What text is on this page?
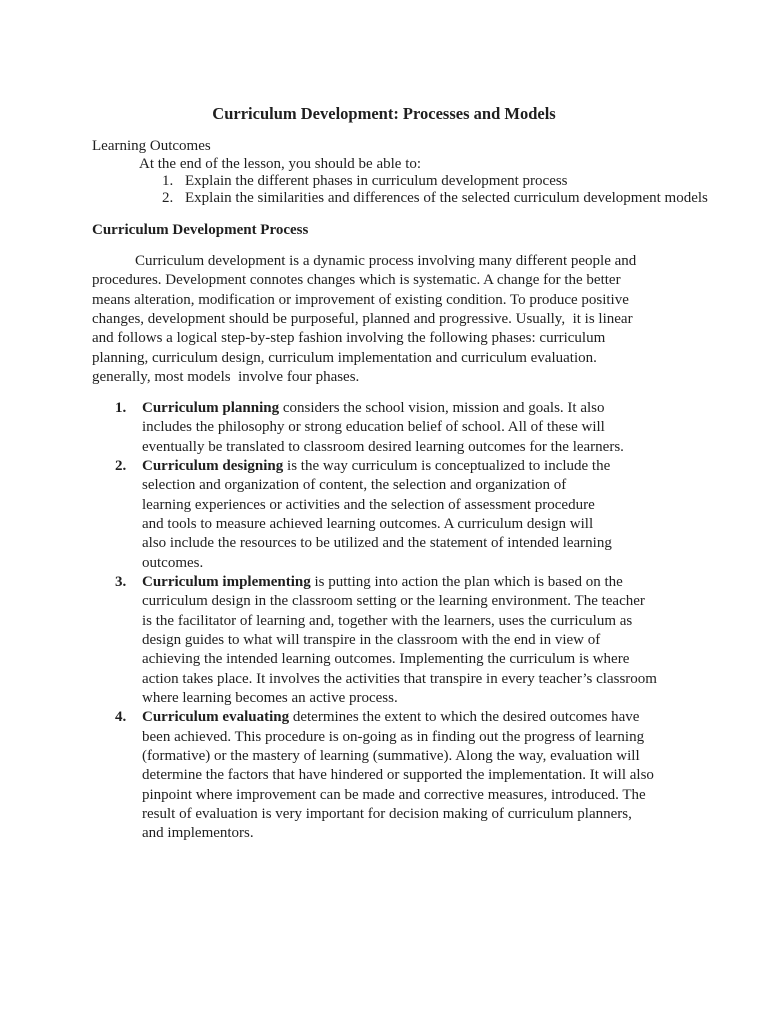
Curriculum Development: Processes and Models
Learning Outcomes
At the end of the lesson, you should be able to:
1. Explain the different phases in curriculum development process
2. Explain the similarities and differences of the selected curriculum development models
Curriculum Development Process
Curriculum development is a dynamic process involving many different people and
procedures. Development connotes changes which is systematic. A change for the better
means alteration, modification or improvement of existing condition. To produce positive
changes, development should be purposeful, planned and progressive. Usually,  it is linear
and follows a logical step-by-step fashion involving the following phases: curriculum
planning, curriculum design, curriculum implementation and curriculum evaluation.
generally, most models  involve four phases.
1. Curriculum planning considers the school vision, mission and goals. It also
includes the philosophy or strong education belief of school. All of these will
eventually be translated to classroom desired learning outcomes for the learners.
2. Curriculum designing is the way curriculum is conceptualized to include the
selection and organization of content, the selection and organization of
learning experiences or activities and the selection of assessment procedure
and tools to measure achieved learning outcomes. A curriculum design will
also include the resources to be utilized and the statement of intended learning
outcomes.
3. Curriculum implementing is putting into action the plan which is based on the
curriculum design in the classroom setting or the learning environment. The teacher
is the facilitator of learning and, together with the learners, uses the curriculum as
design guides to what will transpire in the classroom with the end in view of
achieving the intended learning outcomes. Implementing the curriculum is where
action takes place. It involves the activities that transpire in every teacher’s classroom
where learning becomes an active process.
4. Curriculum evaluating determines the extent to which the desired outcomes have
been achieved. This procedure is on-going as in finding out the progress of learning
(formative) or the mastery of learning (summative). Along the way, evaluation will
determine the factors that have hindered or supported the implementation. It will also
pinpoint where improvement can be made and corrective measures, introduced. The
result of evaluation is very important for decision making of curriculum planners,
and implementors.
